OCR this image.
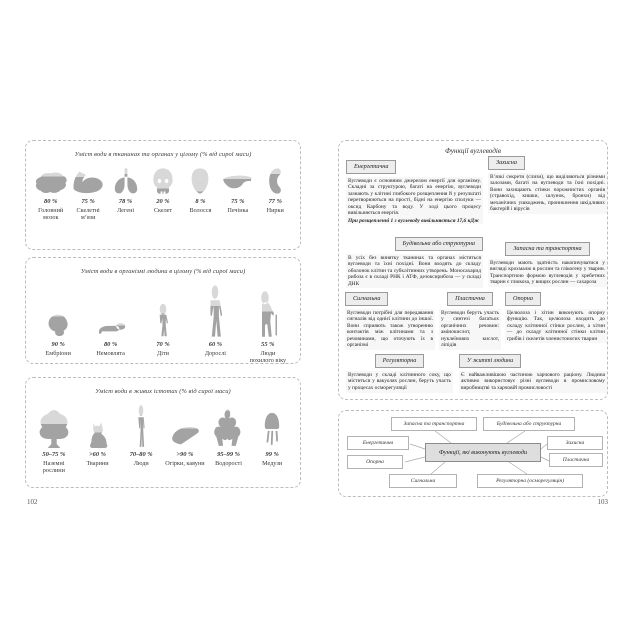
Уміст води в тканинах та органах у цілому (% від сирої маси)
80 %
Головний мозок
75 %
Скелетні м’язи
78 %
Легені
20 %
Скелет
8 %
Волосся
75 %
Печінка
77 %
Нирки
Уміст води в організмі людини в цілому (% від сирої маси)
90 %
Ембріони
80 %
Немовлята
70 %
Діти
60 %
Дорослі
55 %
Люди похилого віку
Уміст води в живих істотах (% від сирої маси)
50–75 %
Наземні рослини
>60 %
Тварини
70–80 %
Люди
>90 %
Огірки, кавуни
95–99 %
Водорості
99 %
Медузи
102
Функції вуглеводів
Енергетична
Вуглеводи є основним джерелом енергії для організму. Складні за структурою, багаті на енергію, вуглеводи зазнають у клітині глибокого розщеплення й у результаті перетворюються на прості, бідні на енергію сполуки — оксид Карбону та воду. У ході цього процесу вивільняється енергія.
При розщепленні 1 г вуглеводу вивільняється 17,6 кДж
Захисна
В’язкі секрети (слизи), що виділяються різними залозами, багаті на вуглеводи та їхні похідні. Вони захищають стінки порожнистих органів (стравохід, кишки, шлунок, бронхи) від механічних ушкоджень, проникнення шкідливих бактерій і вірусів
Будівельна або структурна
В усіх без винятку тканинах та органах містяться вуглеводи та їхні похідні. Вони входять до складу оболонок клітин та субклітинних утворень. Моносахарид рибоза є в складі РНК і АТФ, дезоксирибоза — у складі ДНК
Запасна та транспортна
Вуглеводи мають здатність накопичуватися у вигляді крохмалю в рослин та глікогену у тварин. Транспортною формою вуглеводів у хребетних тварин є глюкоза, у вищих рослин — сахароза
Сигнальна
Вуглеводи потрібні для передавання сигналів від однієї клітини до іншої. Вони сприяють також утворенню контактів між клітинами та з речовинами, що оточують їх в організмі
Пластична
Вуглеводи беруть участь у синтезі багатьох органічних речовин: амінокислот, нуклеїнових кислот, ліпідів
Опорна
Целюлоза і хітин виконують опорну функцію. Так, целюлоза входить до складу клітинної стінки рослин, а хітин — до складу клітинної стінки клітин грибів і скелетів членистоногих тварин
Регуляторна
Вуглеводи у складі клітинного соку, що міститься у вакуолях рослин, беруть участь у процесах осморегуляції
У житті людини
Є найважливішою частиною харчового раціону. Людина активно використовує різні вуглеводи в промисловому виробництві та харчовій промисловості
Функції, які виконують вуглеводи
Запасна та транспортна	Будівельна або структурна
Енергетична	Захисна
Опорна	Пластична
Сигнальна	Регуляторна (осморегуляція)
103
